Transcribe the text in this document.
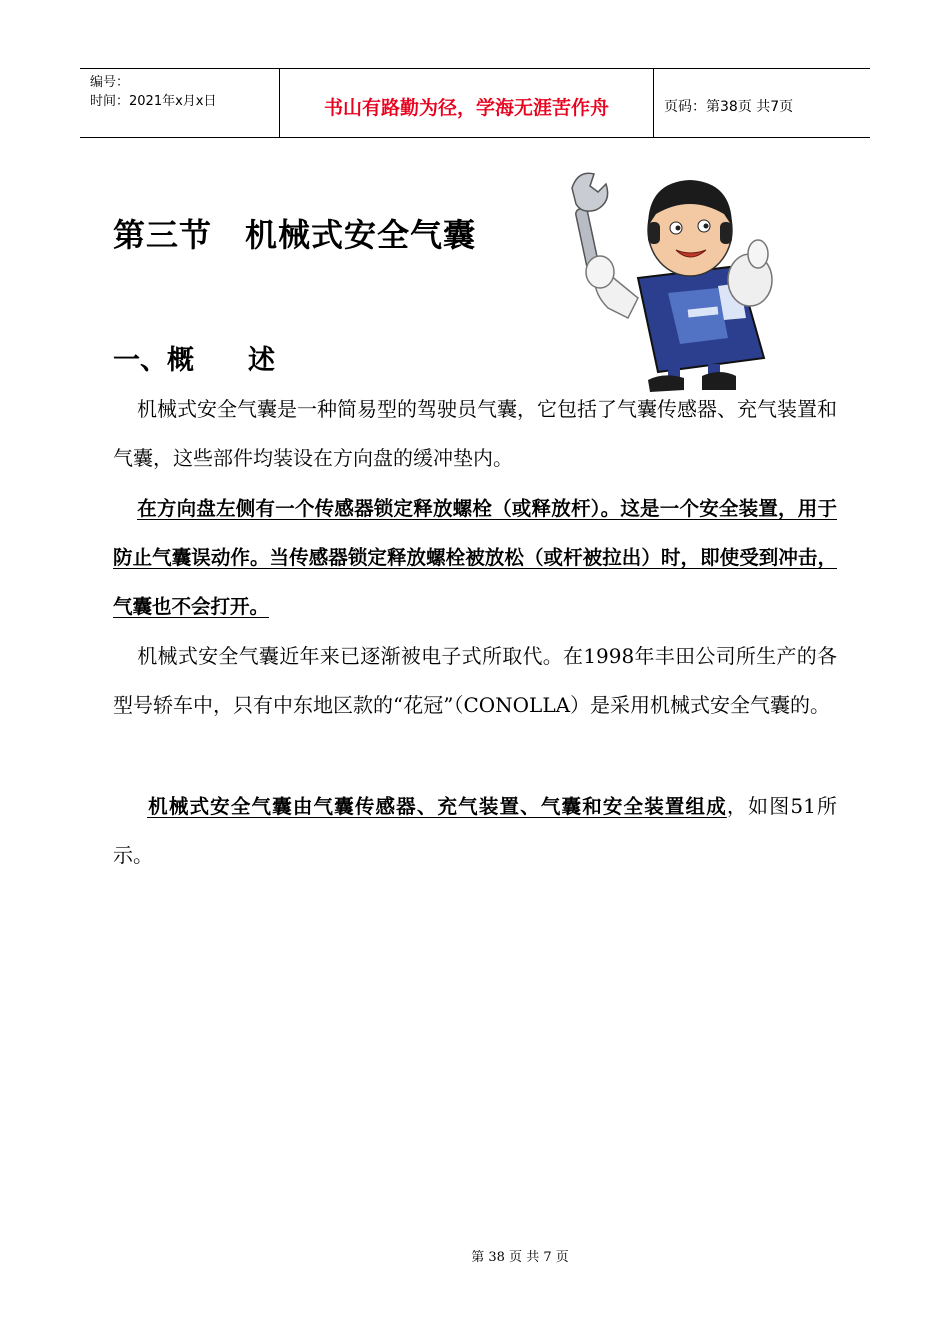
编号：
时间：2021年x月x日	书山有路勤为径，学海无涯苦作舟	页码：第38页 共7页
第三节　机械式安全气囊
一、概　　述

机械式安全气囊是一种简易型的驾驶员气囊，它包括了气囊传感器、充气装置和气囊，这些部件均装设在方向盘的缓冲垫内。

在方向盘左侧有一个传感器锁定释放螺栓（或释放杆）。这是一个安全装置，用于防止气囊误动作。当传感器锁定释放螺栓被放松（或杆被拉出）时，即使受到冲击，气囊也不会打开。

机械式安全气囊近年来已逐渐被电子式所取代。在1998年丰田公司所生产的各型号轿车中，只有中东地区款的“花冠”（CONOLLA）是采用机械式安全气囊的。

机械式安全气囊由气囊传感器、充气装置、气囊和安全装置组成，如图51所示。

第 38 页 共 7 页
